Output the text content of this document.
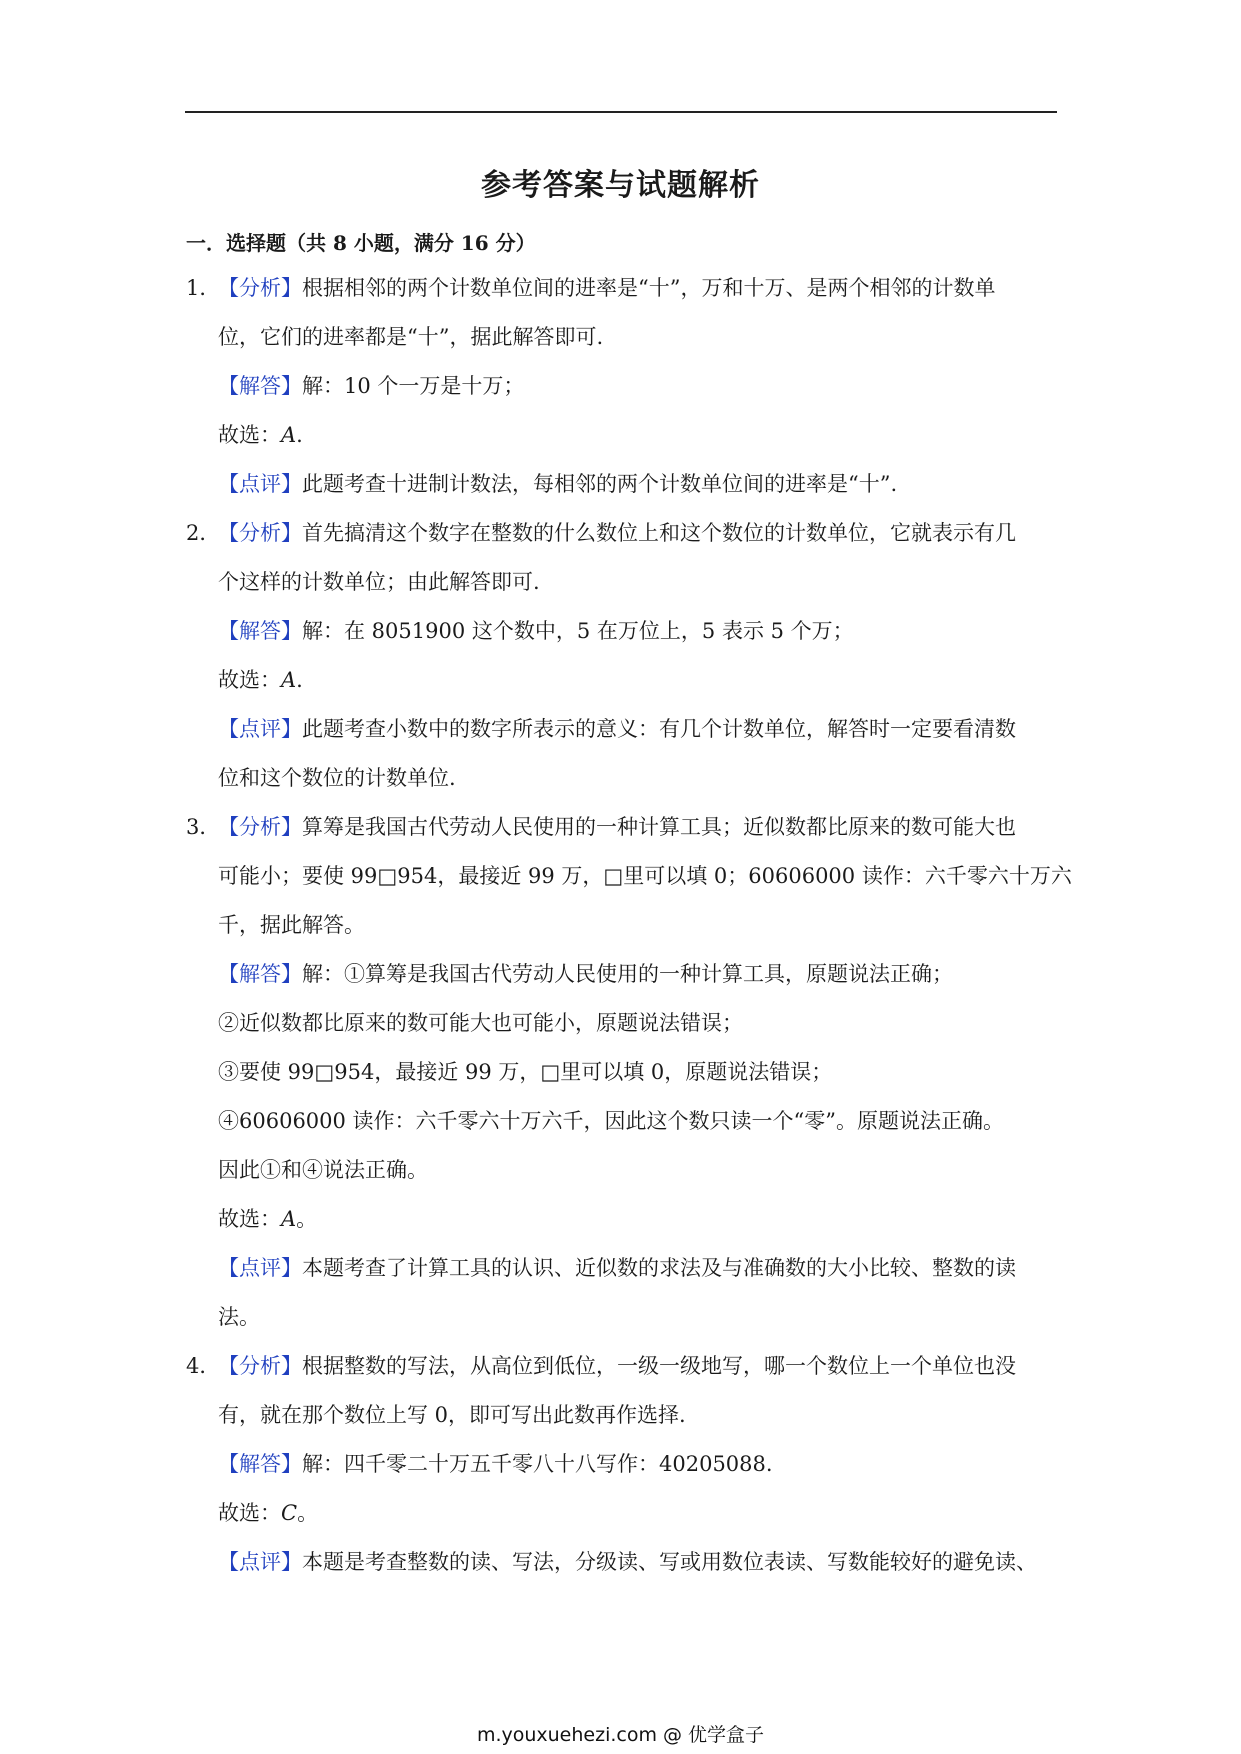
参考答案与试题解析
一．选择题（共 8 小题，满分 16 分）
1．
【分析】根据相邻的两个计数单位间的进率是“十”，万和十万、是两个相邻的计数单
位，它们的进率都是“十”，据此解答即可.
【解答】解：10 个一万是十万；
故选：A.
【点评】此题考查十进制计数法，每相邻的两个计数单位间的进率是“十”.
2．
【分析】首先搞清这个数字在整数的什么数位上和这个数位的计数单位，它就表示有几
个这样的计数单位；由此解答即可.
【解答】解：在 8051900 这个数中，5 在万位上，5 表示 5 个万；
故选：A.
【点评】此题考查小数中的数字所表示的意义：有几个计数单位，解答时一定要看清数
位和这个数位的计数单位.
3．
【分析】算筹是我国古代劳动人民使用的一种计算工具；近似数都比原来的数可能大也
可能小；要使 99□954，最接近 99 万，□里可以填 0；60606000 读作：六千零六十万六
千，据此解答。
【解答】解：①算筹是我国古代劳动人民使用的一种计算工具，原题说法正确；
②近似数都比原来的数可能大也可能小，原题说法错误；
③要使 99□954，最接近 99 万，□里可以填 0，原题说法错误；
④60606000 读作：六千零六十万六千，因此这个数只读一个“零”。原题说法正确。
因此①和④说法正确。
故选：A。
【点评】本题考查了计算工具的认识、近似数的求法及与准确数的大小比较、整数的读
法。
4．
【分析】根据整数的写法，从高位到低位，一级一级地写，哪一个数位上一个单位也没
有，就在那个数位上写 0，即可写出此数再作选择.
【解答】解：四千零二十万五千零八十八写作：40205088.
故选：C。
【点评】本题是考查整数的读、写法，分级读、写或用数位表读、写数能较好的避免读、
m.youxuehezi.com @ 优学盒子
